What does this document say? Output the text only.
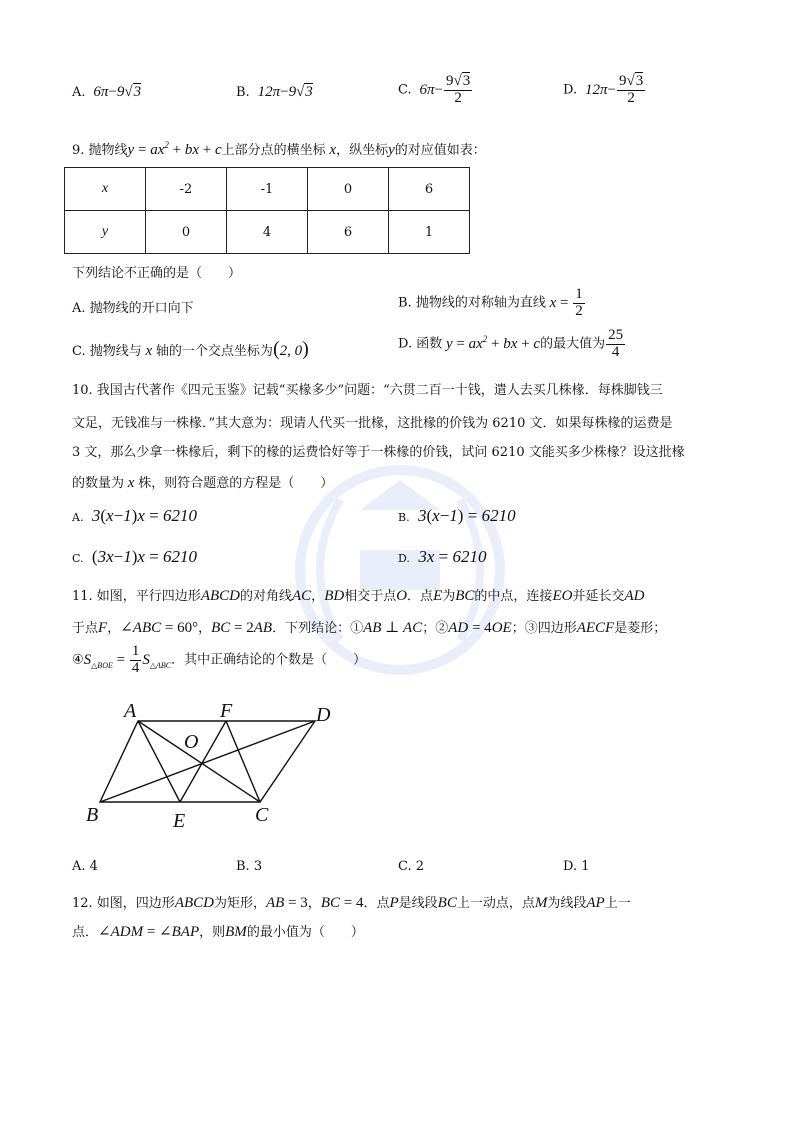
A.  6π−9√3	B.  12π−9√3	C.  $6\pi- \frac{9√3}{2}$	D.  $12\pi- \frac{9√3}{2}$
9. 抛物线$y = ax^2$ + bx + c上部分点的横坐标 x，纵坐标y的对应值如表：
x	-2	-1	0	6
y	0	4	6	1
下列结论不正确的是（　　）
A. 抛物线的开口向下	B. 抛物线的对称轴为直线 $x = \frac{1}{2}$
C. 抛物线与 x 轴的一个交点坐标为(2, 0)	D. 函数 $y = ax^2$ + bx + c的最大值为 $\frac{25}{4}$
10. 我国古代著作《四元玉鉴》记载“买椽多少”问题：“六贯二百一十钱，遣人去买几株椽．每株脚钱三
文足，无钱准与一株椽．”其大意为：现请人代买一批椽，这批椽的价钱为 6210 文．如果每株椽的运费是
3 文，那么少拿一株椽后，剩下的椽的运费恰好等于一株椽的价钱，试问 6210 文能买多少株椽？设这批椽
的数量为 x 株，则符合题意的方程是（　　）
A.  3(x−1)x = 6210	B.  3(x−1) = 6210
C. (3x−1)x = 6210	D.  3x = 6210
11. 如图，平行四边形ABCD的对角线AC，BD相交于点O．点E为BC的中点，连接EO并延长交AD
于点F，∠ABC = 60°，BC = 2AB．下列结论：①AB ⊥ AC；②AD = 4OE；③四边形AECF是菱形；
$④S_{\triangle BOE} = \frac{1}{4} S_{\triangle ABC}$．其中正确结论的个数是（　　）
A	F	D
O
B	E	C
A. 4	B. 3	C. 2	D. 1
12. 如图，四边形ABCD为矩形，AB = 3，BC = 4．点P是线段BC上一动点，点M为线段AP上一
点．∠ADM = ∠BAP，则BM的最小值为（　　）
